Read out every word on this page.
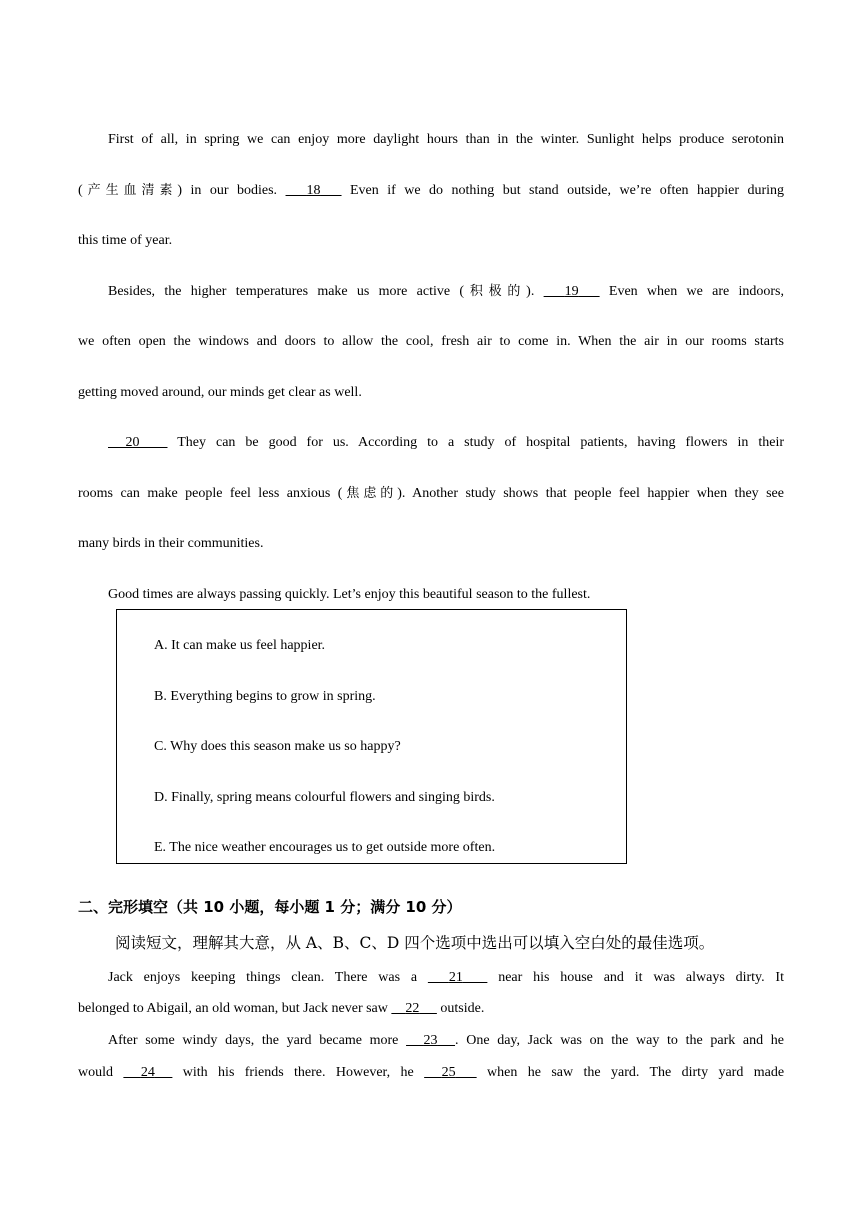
First of all, in spring we can enjoy more daylight hours than in the winter. Sunlight helps produce serotonin
(产生血清素) in our bodies. 18 Even if we do nothing but stand outside, we’re often happier during
this time of year.
Besides, the higher temperatures make us more active (积极的). 19 Even when we are indoors,
we often open the windows and doors to allow the cool, fresh air to come in. When the air in our rooms starts
getting moved around, our minds get clear as well.
20	They can be good for us. According to a study of hospital patients, having flowers in their
rooms can make people feel less anxious (焦虑的). Another study shows that people feel happier when they see
many birds in their communities.
Good times are always passing quickly. Let’s enjoy this beautiful season to the fullest.
A. It can make us feel happier.
B. Everything begins to grow in spring.
C. Why does this season make us so happy?
D. Finally, spring means colourful flowers and singing birds.
E. The nice weather encourages us to get outside more often.
二、完形填空（共 10 小题，每小题 1 分；满分 10 分）
阅读短文，理解其大意，从 A、B、C、D 四个选项中选出可以填入空白处的最佳选项。
Jack enjoys keeping things clean. There was a 21	near his house and it was always dirty. It
belonged to Abigail, an old woman, but Jack never saw 22 outside.
After some windy days, the yard became more 23 . One day, Jack was on the way to the park and he
would 24 with his friends there. However, he 25 when he saw the yard. The dirty yard made
